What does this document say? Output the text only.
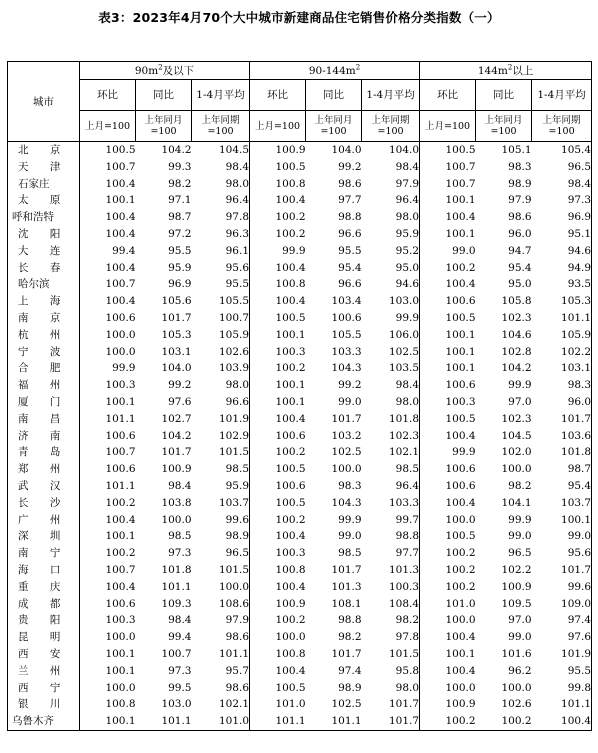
表3：2023年4月70个大中城市新建商品住宅销售价格分类指数（一）
城市	$90m^2$及以下			$90-144m^2$			$144m^2$以上		
	环比	同比	1-4月平均	环比	同比	1-4月平均	环比	同比	1-4月平均
	上月=100	上年同月=100	上年同期=100	上月=100	上年同月=100	上年同期=100	上月=100	上年同月=100	上年同期=100
北 京	100.5	104.2	104.5	100.9	104.0	104.0	100.5	105.1	105.4
天 津	100.7	99.3	98.4	100.5	99.2	98.4	100.7	98.3	96.5
石家庄	100.4	98.2	98.0	100.8	98.6	97.9	100.7	98.9	98.4
太 原	100.1	97.1	96.4	100.4	97.7	96.4	100.1	97.9	97.3
呼和浩特	100.4	98.7	97.8	100.2	98.8	98.0	100.4	98.6	96.9
沈 阳	100.4	97.2	96.3	100.2	96.6	95.9	100.1	96.0	95.1
大 连	99.4	95.5	96.1	99.9	95.5	95.2	99.0	94.7	94.6
长 春	100.4	95.9	95.6	100.4	95.4	95.0	100.2	95.4	94.9
哈尔滨	100.7	96.9	95.5	100.8	96.6	94.6	100.4	95.0	93.5
上 海	100.4	105.6	105.5	100.4	103.4	103.0	100.6	105.8	105.3
南 京	100.6	101.7	100.7	100.5	100.6	99.9	100.5	102.3	101.1
杭 州	100.0	105.3	105.9	100.1	105.5	106.0	100.1	104.6	105.9
宁 波	100.0	103.1	102.6	100.3	103.3	102.5	100.1	102.8	102.2
合 肥	99.9	104.0	103.9	100.2	104.3	103.5	100.1	104.2	103.1
福 州	100.3	99.2	98.0	100.1	99.2	98.4	100.6	99.9	98.3
厦 门	100.1	97.6	96.6	100.1	99.0	98.0	100.3	97.0	96.0
南 昌	101.1	102.7	101.9	100.4	101.7	101.8	100.5	102.3	101.7
济 南	100.6	104.2	102.9	100.6	103.2	102.3	100.4	104.5	103.6
青 岛	100.7	101.7	101.5	100.2	102.5	102.1	99.9	102.0	101.8
郑 州	100.6	100.9	98.5	100.5	100.0	98.5	100.6	100.0	98.7
武 汉	101.1	98.4	95.9	100.6	98.3	96.4	100.6	98.2	95.4
长 沙	100.2	103.8	103.7	100.5	104.3	103.3	100.4	104.1	103.7
广 州	100.4	100.0	99.6	100.2	99.9	99.7	100.0	99.9	100.1
深 圳	100.1	98.5	98.9	100.4	99.0	98.8	100.5	99.0	99.0
南 宁	100.2	97.3	96.5	100.3	98.5	97.7	100.2	96.5	95.6
海 口	100.7	101.8	101.5	100.8	101.7	101.3	100.2	102.2	101.7
重 庆	100.4	101.1	100.0	100.4	101.3	100.3	100.2	100.9	99.6
成 都	100.6	109.3	108.6	100.9	108.1	108.4	101.0	109.5	109.0
贵 阳	100.3	98.4	97.9	100.2	98.8	98.2	100.0	97.0	97.4
昆 明	100.0	99.4	98.6	100.0	98.2	97.8	100.4	99.0	97.6
西 安	100.1	100.7	101.1	100.8	101.7	101.5	100.1	101.6	101.9
兰 州	100.1	97.3	95.7	100.4	97.4	95.8	100.4	96.2	95.5
西 宁	100.0	99.5	98.6	100.5	98.9	98.0	100.0	100.0	99.8
银 川	100.8	103.0	102.1	101.0	102.5	101.7	100.9	102.6	101.1
乌鲁木齐	100.1	101.1	101.0	101.1	101.1	101.7	100.2	100.2	100.4
